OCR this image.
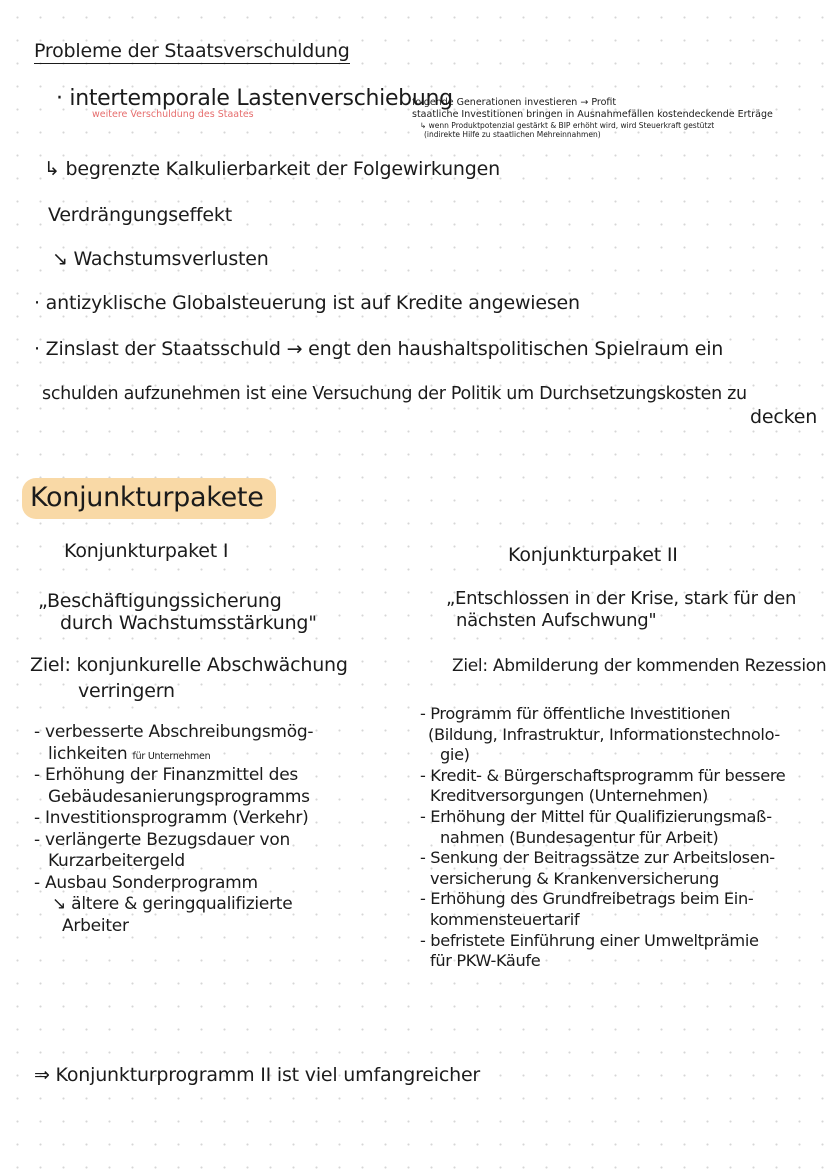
Probleme der Staatsverschuldung
· intertemporale Lastenverschiebung
weitere Verschuldung des Staates
folgende Generationen investieren → Profit
staatliche Investitionen bringen in Ausnahmefällen kostendeckende Erträge
↳ wenn Produktpotenzial gestärkt & BIP erhöht wird, wird Steuerkraft gestützt
(indirekte Hilfe zu staatlichen Mehreinnahmen)
↳ begrenzte Kalkulierbarkeit der Folgewirkungen
Verdrängungseffekt
↘ Wachstumsverlusten
· antizyklische Globalsteuerung ist auf Kredite angewiesen
· Zinslast der Staatsschuld → engt den haushaltspolitischen Spielraum ein
schulden aufzunehmen ist eine Versuchung der Politik um Durchsetzungskosten zu
decken
Konjunkturpakete
Konjunkturpaket I
„Beschäftigungssicherung
durch Wachstumsstärkung"
Ziel: konjunkurelle Abschwächung
verringern
- verbesserte Abschreibungsmög-
lichkeiten für Unternehmen
- Erhöhung der Finanzmittel des
Gebäudesanierungsprogramms
- Investitionsprogramm (Verkehr)
- verlängerte Bezugsdauer von
Kurzarbeitergeld
- Ausbau Sonderprogramm
↘ ältere & geringqualifizierte
Arbeiter
Konjunkturpaket II
„Entschlossen in der Krise, stark für den
nächsten Aufschwung"
Ziel: Abmilderung der kommenden Rezession
- Programm für öffentliche Investitionen
(Bildung, Infrastruktur, Informationstechnolo-
gie)
- Kredit- & Bürgerschaftsprogramm für bessere
Kreditversorgungen (Unternehmen)
- Erhöhung der Mittel für Qualifizierungsmaß-
nahmen (Bundesagentur für Arbeit)
- Senkung der Beitragssätze zur Arbeitslosen-
versicherung & Krankenversicherung
- Erhöhung des Grundfreibetrags beim Ein-
kommensteuertarif
- befristete Einführung einer Umweltprämie
für PKW-Käufe
⇒ Konjunkturprogramm II ist viel umfangreicher
